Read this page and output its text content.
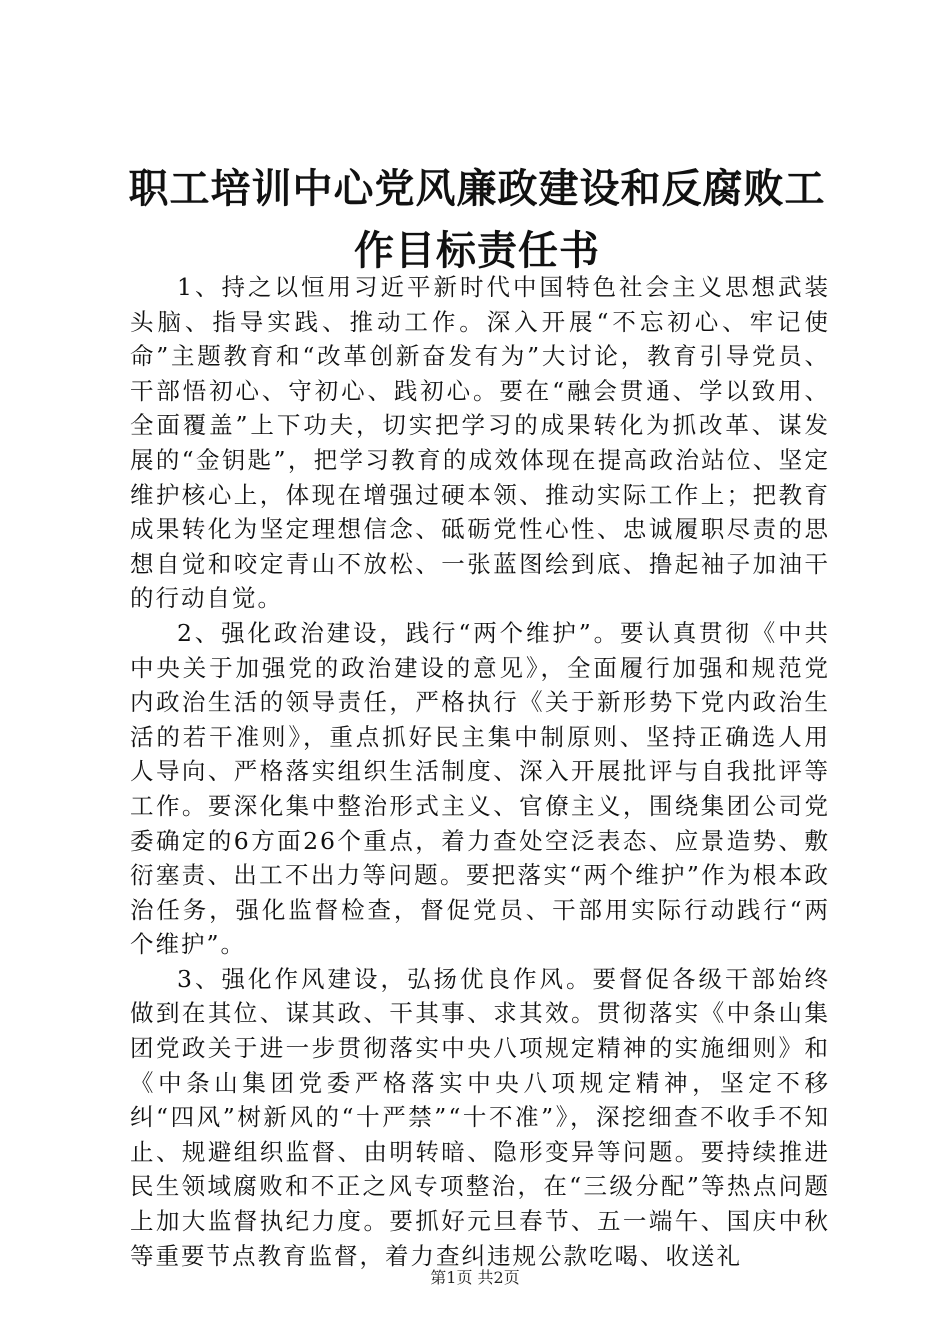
职工培训中心党风廉政建设和反腐败工作目标责任书

1、持之以恒用习近平新时代中国特色社会主义思想武装头脑、指导实践、推动工作。深入开展“不忘初心、牢记使命”主题教育和“改革创新奋发有为”大讨论，教育引导党员、干部悟初心、守初心、践初心。要在“融会贯通、学以致用、全面覆盖”上下功夫，切实把学习的成果转化为抓改革、谋发展的“金钥匙”，把学习教育的成效体现在提高政治站位、坚定维护核心上，体现在增强过硬本领、推动实际工作上；把教育成果转化为坚定理想信念、砥砺党性心性、忠诚履职尽责的思想自觉和咬定青山不放松、一张蓝图绘到底、撸起袖子加油干的行动自觉。

2、强化政治建设，践行“两个维护”。要认真贯彻《中共中央关于加强党的政治建设的意见》，全面履行加强和规范党内政治生活的领导责任，严格执行《关于新形势下党内政治生活的若干准则》，重点抓好民主集中制原则、坚持正确选人用人导向、严格落实组织生活制度、深入开展批评与自我批评等工作。要深化集中整治形式主义、官僚主义，围绕集团公司党委确定的6方面26个重点，着力查处空泛表态、应景造势、敷衍塞责、出工不出力等问题。要把落实“两个维护”作为根本政治任务，强化监督检查，督促党员、干部用实际行动践行“两个维护”。

3、强化作风建设，弘扬优良作风。要督促各级干部始终做到在其位、谋其政、干其事、求其效。贯彻落实《中条山集团党政关于进一步贯彻落实中央八项规定精神的实施细则》和《中条山集团党委严格落实中央八项规定精神，坚定不移纠“四风”树新风的“十严禁”“十不准”》，深挖细查不收手不知止、规避组织监督、由明转暗、隐形变异等问题。要持续推进民生领域腐败和不正之风专项整治，在“三级分配”等热点问题上加大监督执纪力度。要抓好元旦春节、五一端午、国庆中秋等重要节点教育监督，着力查纠违规公款吃喝、收送礼

第1页 共2页
